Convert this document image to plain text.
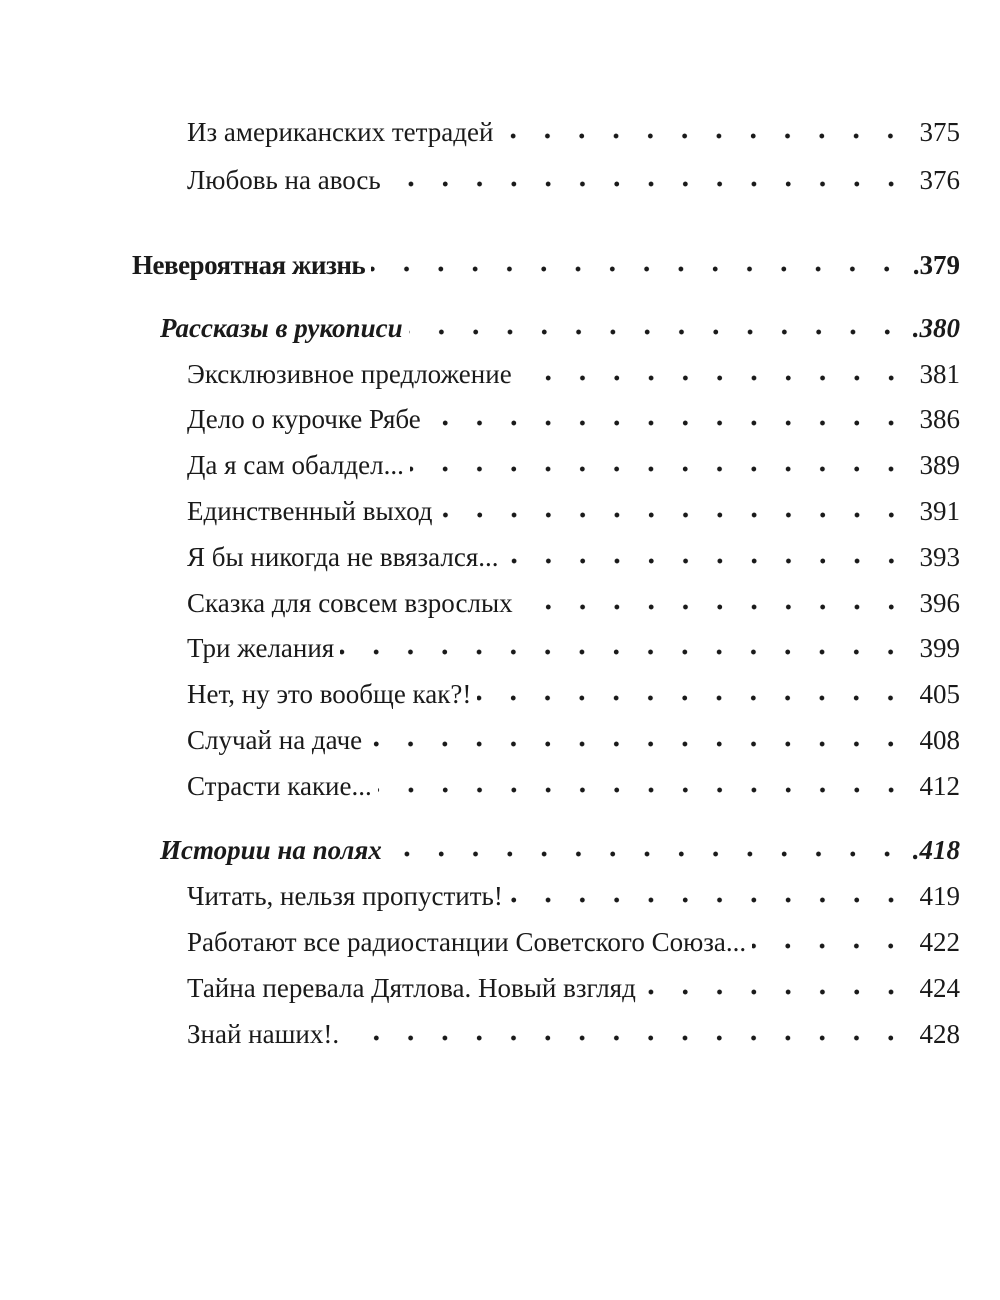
Из американских тетрадей	375
Любовь на авось	376
Невероятная жизнь	.379
Рассказы в рукописи	.380
Эксклюзивное предложение	381
Дело о курочке Рябе	386
Да я сам обалдел...	389
Единственный выход	391
Я бы никогда не ввязался...	393
Сказка для совсем взрослых	396
Три желания	399
Нет, ну это вообще как?!	405
Случай на даче	408
Страсти какие...	412
Истории на полях	.418
Читать, нельзя пропустить!	419
Работают все радиостанции Советского Союза...	422
Тайна перевала Дятлова. Новый взгляд	424
Знай наших!.	428
